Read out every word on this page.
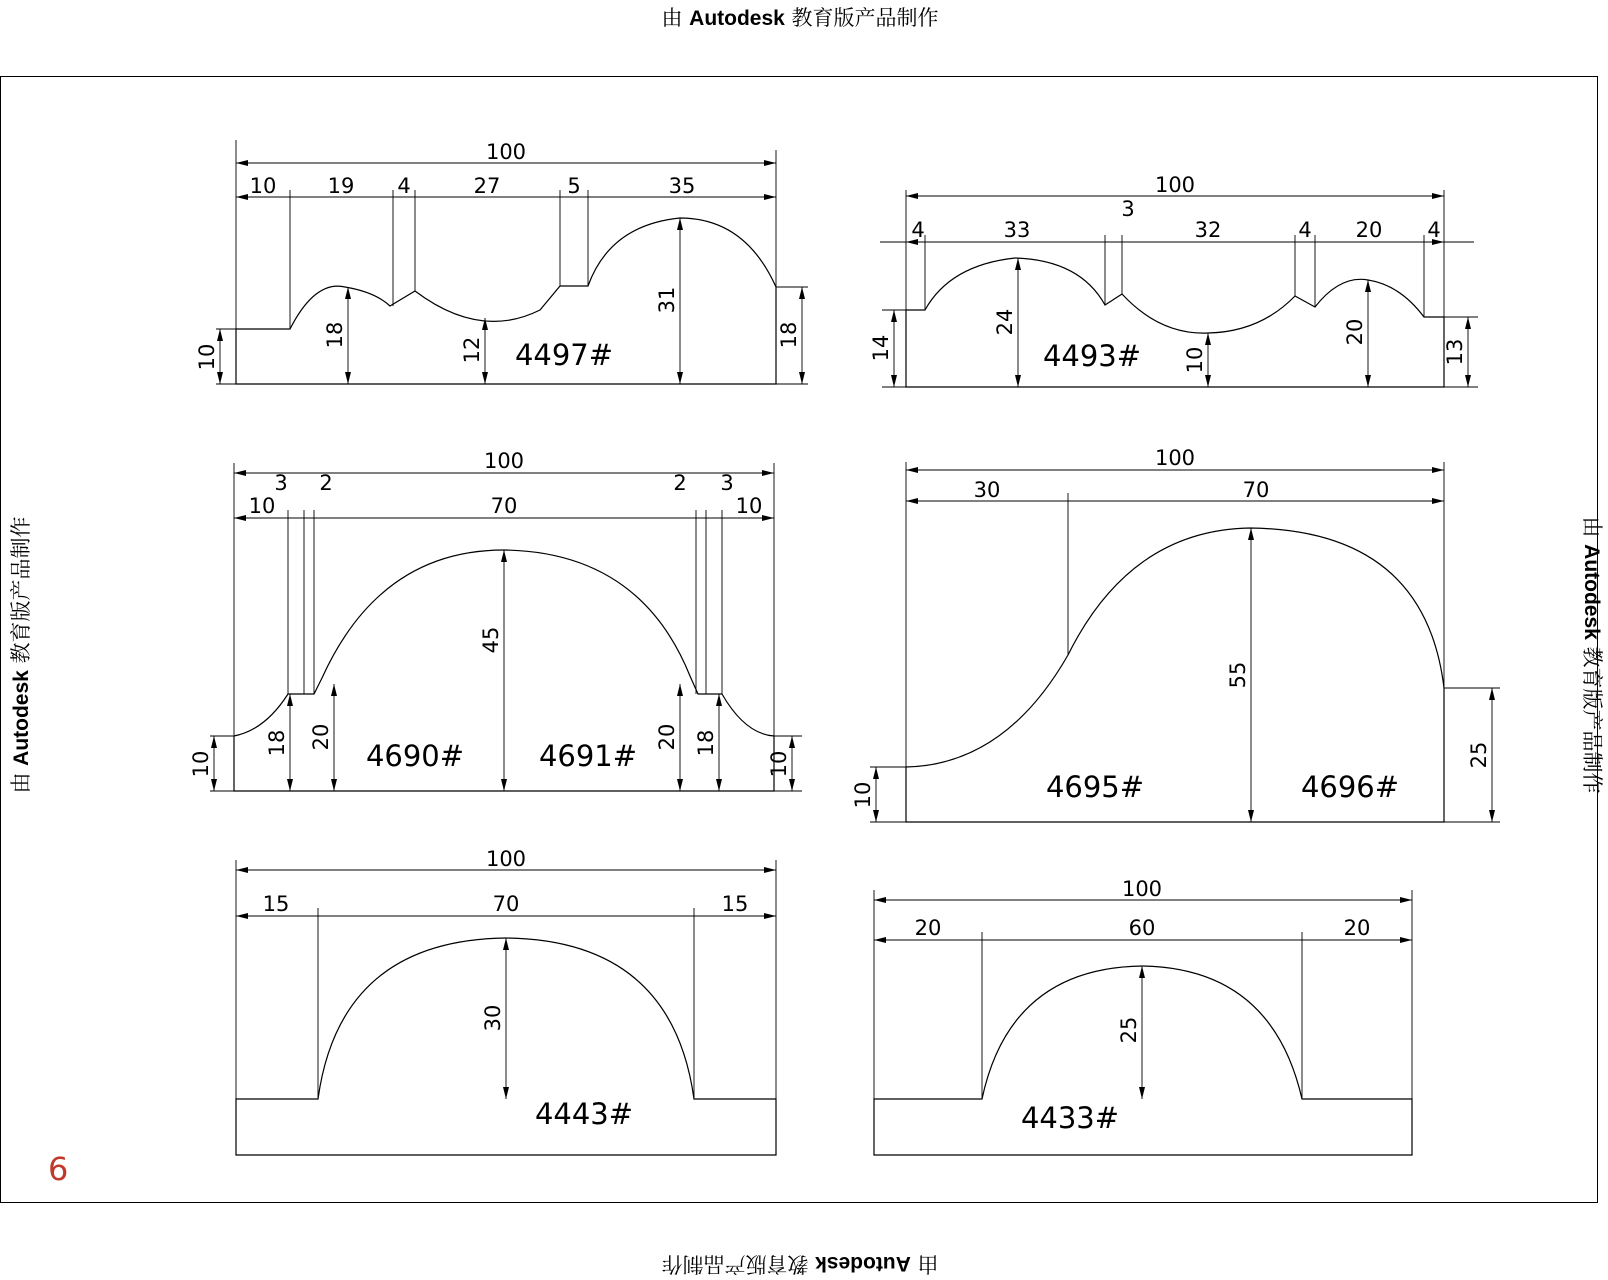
由 Autodesk 教育版产品制作
由 Autodesk 教育版产品制作
由 Autodesk 教育版产品制作	由 Autodesk 教育版产品制作
100
10 19 4	27	5	35
10
18
12
31
18
4497#
100
4	33
3
32	4 20 4
14
24
10
20
13
4493#
100
10
3 2
70
2 3
10
10
18 20
45
20 18
10
4690#	4691#
100
30	70
10
55
25
4695#	4696#
100
15	70	15
30
4443#
100
20	60	20
25
4433#
6
